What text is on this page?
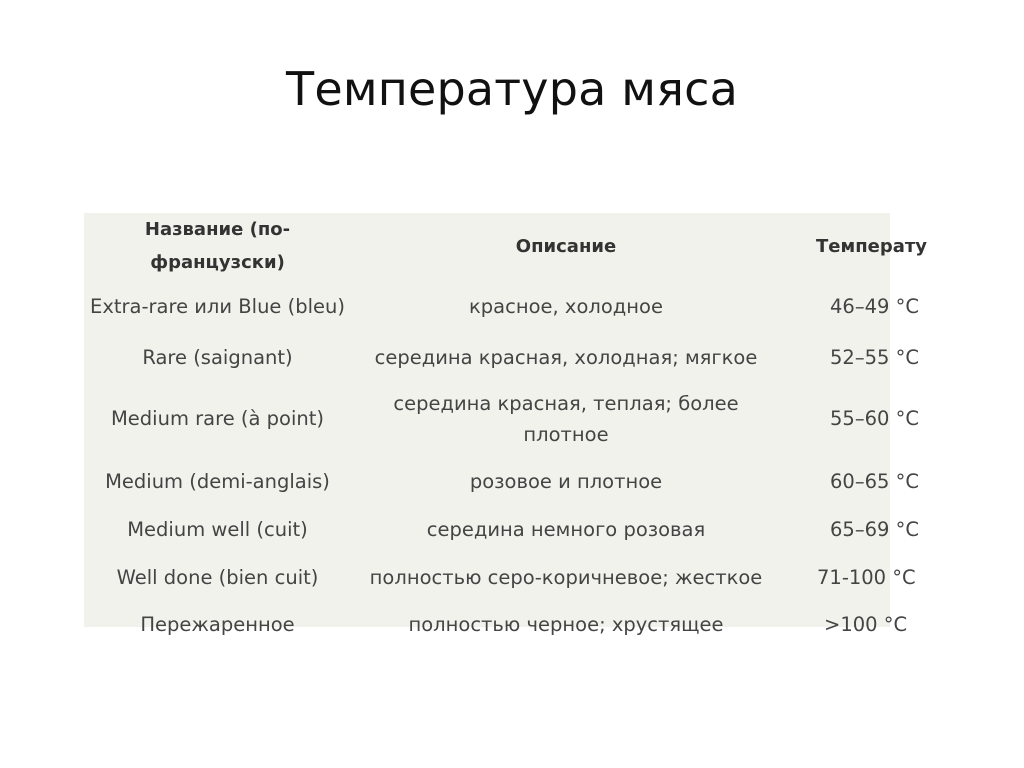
Температура мяса
Название (по-французски)	Описание	Температу
Extra-rare или Blue (bleu)	красное, холодное	46–49 °С
Rare (saignant)	середина красная, холодная; мягкое	52–55 °С
Medium rare (à point)	середина красная, теплая; более плотное	55–60 °С
Medium (demi-anglais)	розовое и плотное	60–65 °С
Medium well (cuit)	середина немного розовая	65–69 °С
Well done (bien cuit)	полностью серо-коричневое; жесткое	71-100 °С
Пережаренное	полностью черное; хрустящее	>100 °С
